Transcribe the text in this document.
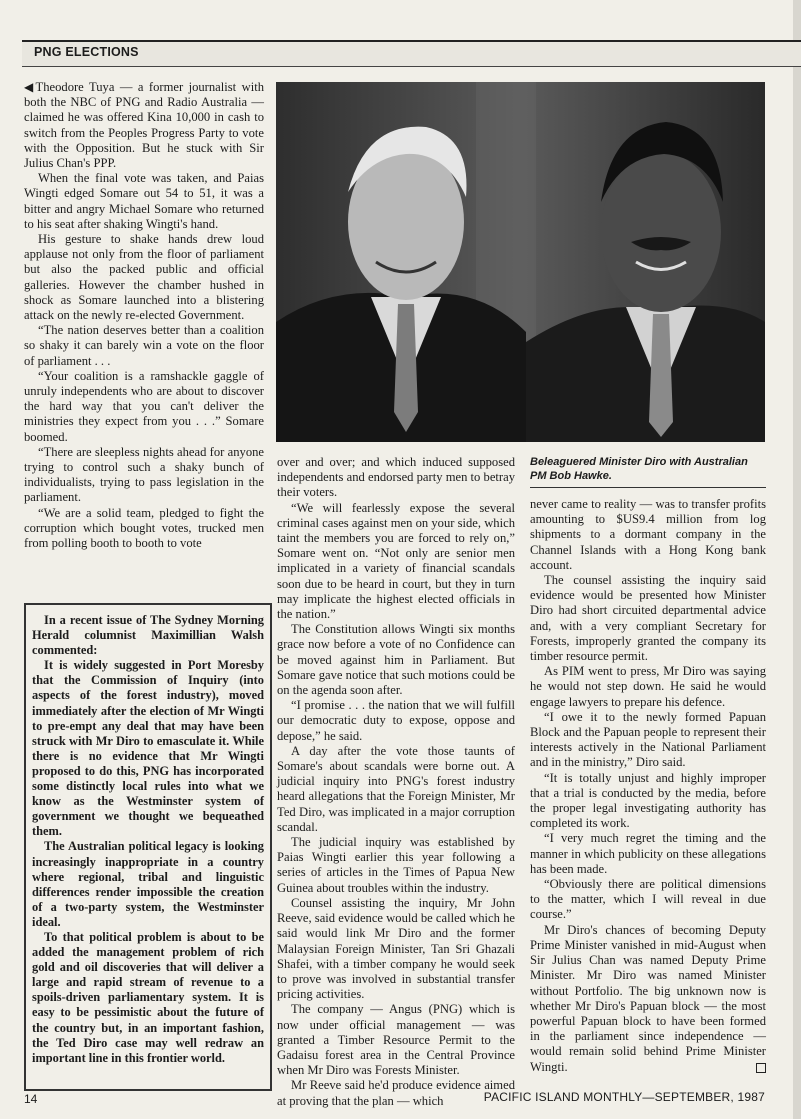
PNG ELECTIONS

◀Theodore Tuya — a former journalist with both the NBC of PNG and Radio Australia — claimed he was offered Kina 10,000 in cash to switch from the Peoples Progress Party to vote with the Opposition. But he stuck with Sir Julius Chan's PPP.

When the final vote was taken, and Paias Wingti edged Somare out 54 to 51, it was a bitter and angry Michael Somare who returned to his seat after shaking Wingti's hand.

His gesture to shake hands drew loud applause not only from the floor of parliament but also the packed public and official galleries. However the chamber hushed in shock as Somare launched into a blistering attack on the newly re-elected Government.

“The nation deserves better than a coalition so shaky it can barely win a vote on the floor of parliament . . .

“Your coalition is a ramshackle gaggle of unruly independents who are about to discover the hard way that you can't deliver the ministries they expect from you . . .” Somare boomed.

“There are sleepless nights ahead for anyone trying to control such a shaky bunch of individualists, trying to pass legislation in the parliament.

“We are a solid team, pledged to fight the corruption which bought votes, trucked men from polling booth to booth to vote

Beleaguered Minister Diro with Australian PM Bob Hawke.

over and over; and which induced supposed independents and endorsed party men to betray their voters.

“We will fearlessly expose the several criminal cases against men on your side, which taint the members you are forced to rely on,” Somare went on. “Not only are senior men implicated in a variety of financial scandals soon due to be heard in court, but they in turn may implicate the highest elected officials in the nation.”

The Constitution allows Wingti six months grace now before a vote of no Confidence can be moved against him in Parliament. But Somare gave notice that such motions could be on the agenda soon after.

“I promise . . . the nation that we will fulfill our democratic duty to expose, oppose and depose,” he said.

A day after the vote those taunts of Somare's about scandals were borne out. A judicial inquiry into PNG's forest industry heard allegations that the Foreign Minister, Mr Ted Diro, was implicated in a major corruption scandal.

The judicial inquiry was established by Paias Wingti earlier this year following a series of articles in the Times of Papua New Guinea about troubles within the industry.

Counsel assisting the inquiry, Mr John Reeve, said evidence would be called which he said would link Mr Diro and the former Malaysian Foreign Minister, Tan Sri Ghazali Shafei, with a timber company he would seek to prove was involved in substantial transfer pricing activities.

The company — Angus (PNG) which is now under official management — was granted a Timber Resource Permit to the Gadaisu forest area in the Central Province when Mr Diro was Forests Minister.

Mr Reeve said he'd produce evidence aimed at proving that the plan — which

never came to reality — was to transfer profits amounting to $US9.4 million from log shipments to a dormant company in the Channel Islands with a Hong Kong bank account.

The counsel assisting the inquiry said evidence would be presented how Minister Diro had short circuited departmental advice and, with a very compliant Secretary for Forests, improperly granted the company its timber resource permit.

As PIM went to press, Mr Diro was saying he would not step down. He said he would engage lawyers to prepare his defence.

“I owe it to the newly formed Papuan Block and the Papuan people to represent their interests actively in the National Parliament and in the ministry,” Diro said.

“It is totally unjust and highly improper that a trial is conducted by the media, before the proper legal investigating authority has completed its work.

“I very much regret the timing and the manner in which publicity on these allegations has been made.

“Obviously there are political dimensions to the matter, which I will reveal in due course.”

Mr Diro's chances of becoming Deputy Prime Minister vanished in mid-August when Sir Julius Chan was named Deputy Prime Minister. Mr Diro was named Minister without Portfolio. The big unknown now is whether Mr Diro's Papuan block — the most powerful Papuan block to have been formed in the parliament since independence — would remain solid behind Prime Minister Wingti.

In a recent issue of The Sydney Morning Herald columnist Maximillian Walsh commented:

It is widely suggested in Port Moresby that the Commission of Inquiry (into aspects of the forest industry), moved immediately after the election of Mr Wingti to pre-empt any deal that may have been struck with Mr Diro to emasculate it. While there is no evidence that Mr Wingti proposed to do this, PNG has incorporated some distinctly local rules into what we know as the Westminster system of government we thought we bequeathed them.

The Australian political legacy is looking increasingly inappropriate in a country where regional, tribal and linguistic differences render impossible the creation of a two-party system, the Westminster ideal.

To that political problem is about to be added the management problem of rich gold and oil discoveries that will deliver a large and rapid stream of revenue to a spoils-driven parliamentary system. It is easy to be pessimistic about the future of the country but, in an important fashion, the Ted Diro case may well redraw an important line in this frontier world.

14	PACIFIC ISLAND MONTHLY—SEPTEMBER, 1987
